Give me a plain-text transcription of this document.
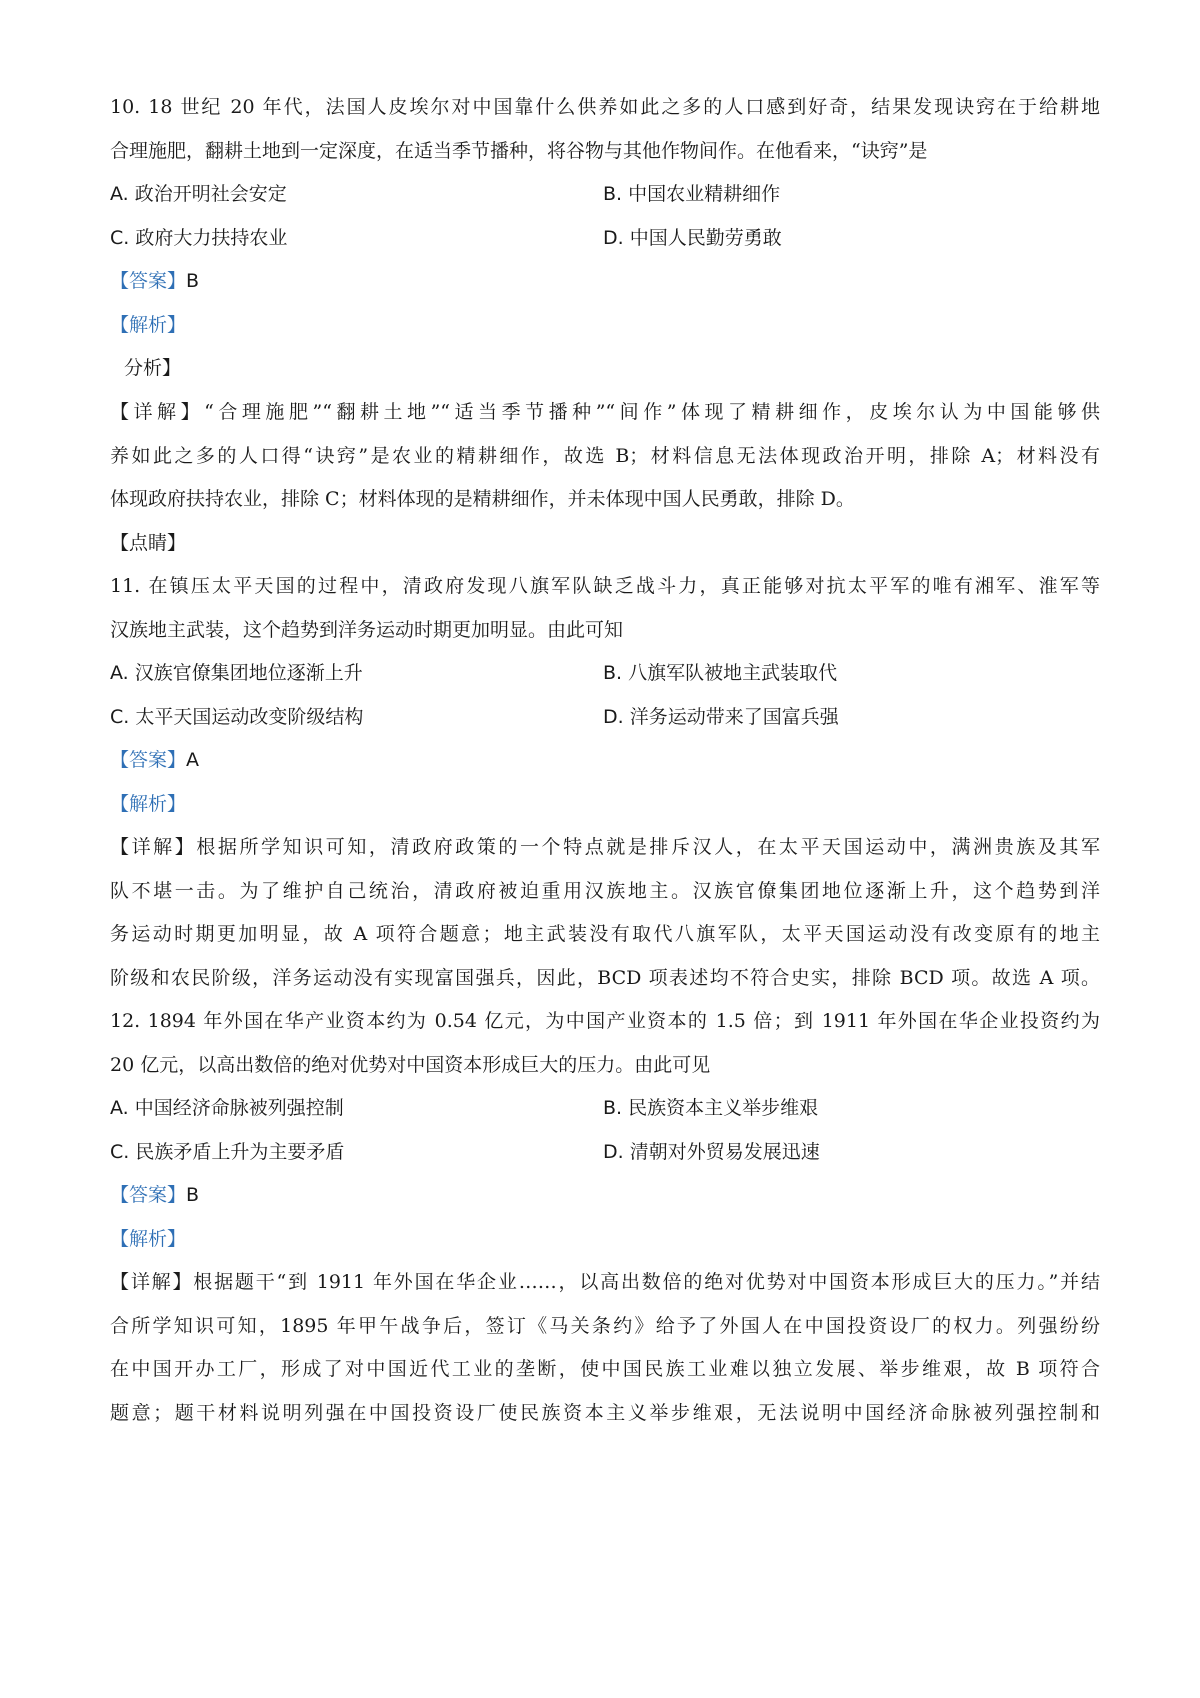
10. 18 世纪 20 年代，法国人皮埃尔对中国靠什么供养如此之多的人口感到好奇，结果发现诀窍在于给耕地
合理施肥，翻耕土地到一定深度，在适当季节播种，将谷物与其他作物间作。在他看来，“诀窍”是
A. 政治开明社会安定	B. 中国农业精耕细作
C. 政府大力扶持农业	D. 中国人民勤劳勇敢
【答案】B
【解析】
分析】
【详解】“合理施肥”“翻耕土地”“适当季节播种”“间作”体现了精耕细作，皮埃尔认为中国能够供
养如此之多的人口得“诀窍”是农业的精耕细作，故选 B；材料信息无法体现政治开明，排除 A；材料没有
体现政府扶持农业，排除 C；材料体现的是精耕细作，并未体现中国人民勇敢，排除 D。
【点睛】
11. 在镇压太平天国的过程中，清政府发现八旗军队缺乏战斗力，真正能够对抗太平军的唯有湘军、淮军等
汉族地主武装，这个趋势到洋务运动时期更加明显。由此可知
A. 汉族官僚集团地位逐渐上升	B. 八旗军队被地主武装取代
C. 太平天国运动改变阶级结构	D. 洋务运动带来了国富兵强
【答案】A
【解析】
【详解】根据所学知识可知，清政府政策的一个特点就是排斥汉人，在太平天国运动中，满洲贵族及其军
队不堪一击。为了维护自己统治，清政府被迫重用汉族地主。汉族官僚集团地位逐渐上升，这个趋势到洋
务运动时期更加明显，故 A 项符合题意；地主武装没有取代八旗军队，太平天国运动没有改变原有的地主
阶级和农民阶级，洋务运动没有实现富国强兵，因此，BCD 项表述均不符合史实，排除 BCD 项。故选 A 项。
12. 1894 年外国在华产业资本约为 0.54 亿元，为中国产业资本的 1.5 倍；到 1911 年外国在华企业投资约为
20 亿元，以高出数倍的绝对优势对中国资本形成巨大的压力。由此可见
A. 中国经济命脉被列强控制	B. 民族资本主义举步维艰
C. 民族矛盾上升为主要矛盾	D. 清朝对外贸易发展迅速
【答案】B
【解析】
【详解】根据题干“到 1911 年外国在华企业……，以高出数倍的绝对优势对中国资本形成巨大的压力。”并结
合所学知识可知，1895 年甲午战争后，签订《马关条约》给予了外国人在中国投资设厂的权力。列强纷纷
在中国开办工厂，形成了对中国近代工业的垄断，使中国民族工业难以独立发展、举步维艰，故 B 项符合
题意；题干材料说明列强在中国投资设厂使民族资本主义举步维艰，无法说明中国经济命脉被列强控制和
